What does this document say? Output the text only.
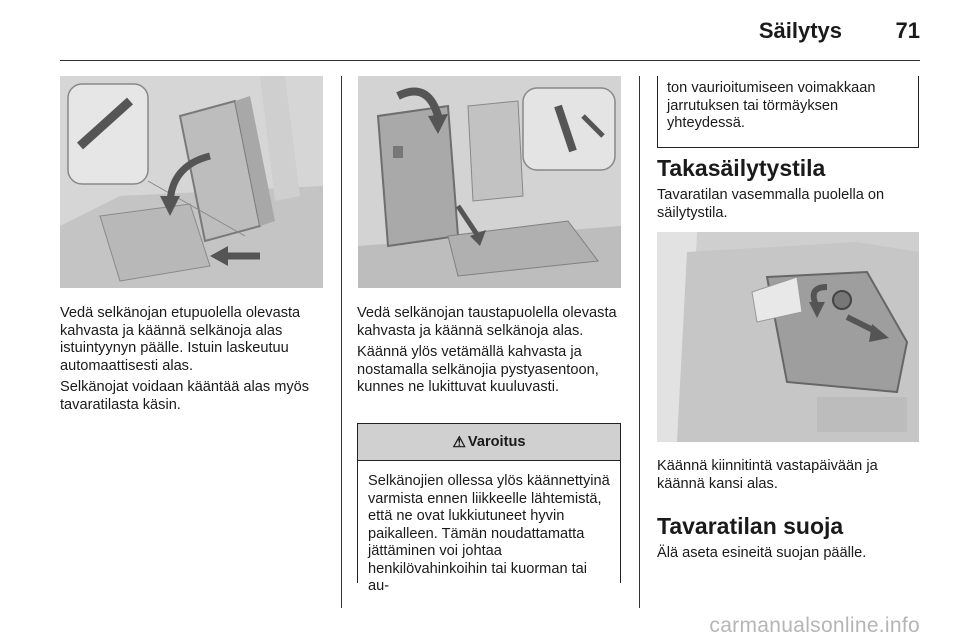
Säilytys 71

Vedä selkänojan etupuolella olevasta kahvasta ja käännä selkänoja alas istuintyynyn päälle. Istuin laskeutuu automaattisesti alas.

Selkänojat voidaan kääntää alas myös tavaratilasta käsin.

Vedä selkänojan taustapuolella olevasta kahvasta ja käännä selkänoja alas.

Käännä ylös vetämällä kahvasta ja nostamalla selkänojia pystyasentoon, kunnes ne lukittuvat kuuluvasti.

⚠ Varoitus
Selkänojien ollessa ylös käännettyinä varmista ennen liikkeelle lähtemistä, että ne ovat lukkiutuneet hyvin paikalleen. Tämän noudattamatta jättäminen voi johtaa henkilövahinkoihin tai kuorman tai au-
ton vaurioitumiseen voimakkaan jarrutuksen tai törmäyksen yhteydessä.
Takasäilytystila
Tavaratilan vasemmalla puolella on säilytystila.
Käännä kiinnitintä vastapäivään ja käännä kansi alas.
Tavaratilan suoja
Älä aseta esineitä suojan päälle.
carmanualsonline.info
